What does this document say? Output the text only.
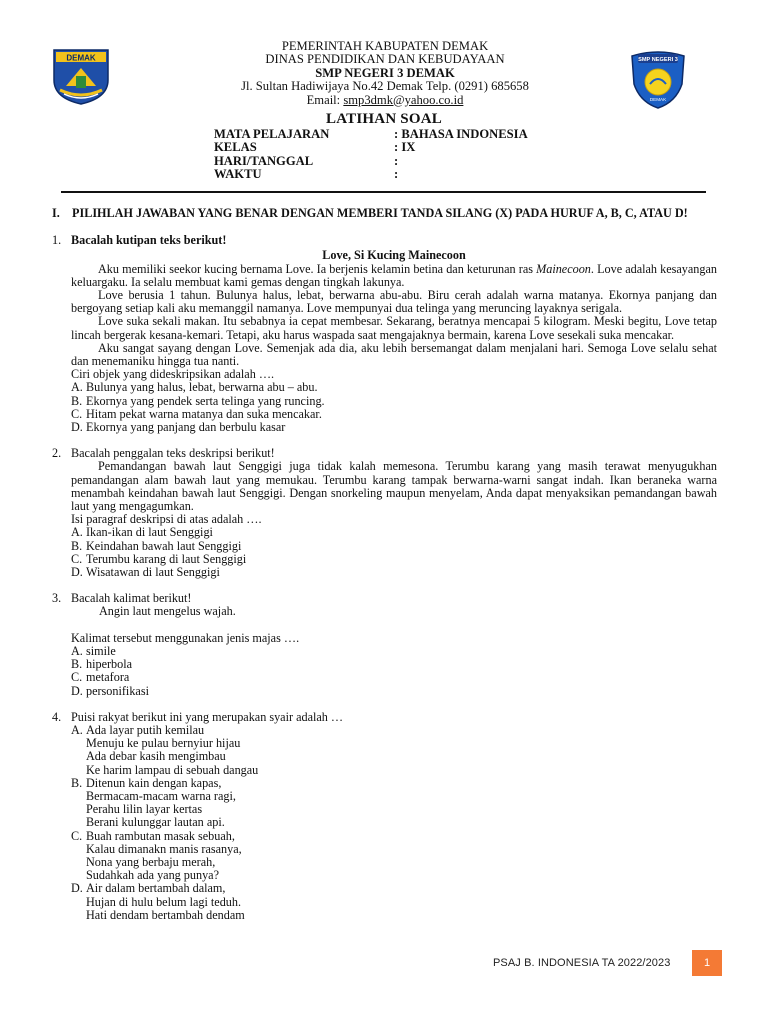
DEMAK
PEMERINTAH KABUPATEN DEMAK
DINAS PENDIDIKAN DAN KEBUDAYAAN
SMP NEGERI 3 DEMAK
Jl. Sultan Hadiwijaya No.42 Demak Telp. (0291) 685658
Email: smp3dmk@yahoo.co.id
SMP NEGERI 3
DEMAK
LATIHAN SOAL
MATA PELAJARAN	: BAHASA INDONESIA
KELAS	: IX
HARI/TANGGAL	:
WAKTU	:
I.	PILIHLAH JAWABAN YANG BENAR DENGAN MEMBERI TANDA SILANG (X) PADA HURUF A, B, C, ATAU D!
1. Bacalah kutipan teks berikut!
Love, Si Kucing Mainecoon
Aku memiliki seekor kucing bernama Love. Ia berjenis kelamin betina dan keturunan ras Mainecoon. Love adalah kesayangan keluargaku. Ia selalu membuat kami gemas dengan tingkah lakunya.
Love berusia 1 tahun. Bulunya halus, lebat, berwarna abu-abu. Biru cerah adalah warna matanya. Ekornya panjang dan bergoyang setiap kali aku memanggil namanya. Love mempunyai dua telinga yang meruncing layaknya serigala.
Love suka sekali makan. Itu sebabnya ia cepat membesar. Sekarang, beratnya mencapai 5 kilogram. Meski begitu, Love tetap lincah bergerak kesana-kemari. Tetapi, aku harus waspada saat mengajaknya bermain, karena Love sesekali suka mencakar.
Aku sangat sayang dengan Love. Semenjak ada dia, aku lebih bersemangat dalam menjalani hari. Semoga Love selalu sehat dan menemaniku hingga tua nanti.
Ciri objek yang dideskripsikan adalah ….
A. Bulunya yang halus, lebat, berwarna abu – abu.
B. Ekornya yang pendek serta telinga yang runcing.
C. Hitam pekat warna matanya dan suka mencakar.
D. Ekornya yang panjang dan berbulu kasar
2. Bacalah penggalan teks deskripsi berikut!
Pemandangan bawah laut Senggigi juga tidak kalah memesona. Terumbu karang yang masih terawat menyugukhan pemandangan alam bawah laut yang memukau. Terumbu karang tampak berwarna-warni sangat indah. Ikan beraneka warna menambah keindahan bawah laut Senggigi. Dengan snorkeling maupun menyelam, Anda dapat menyaksikan pemandangan bawah laut yang mengagumkan.
Isi paragraf deskripsi di atas adalah ….
A. Ikan-ikan di laut Senggigi
B. Keindahan bawah laut Senggigi
C. Terumbu karang di laut Senggigi
D. Wisatawan di laut Senggigi
3. Bacalah kalimat berikut!
Angin laut mengelus wajah.
Kalimat tersebut menggunakan jenis majas ….
A. simile
B. hiperbola
C. metafora
D. personifikasi
4. Puisi rakyat berikut ini yang merupakan syair adalah …
A. Ada layar putih kemilau
Menuju ke pulau bernyiur hijau
Ada debar kasih mengimbau
Ke harim lampau di sebuah dangau
B. Ditenun kain dengan kapas,
Bermacam-macam warna ragi,
Perahu lilin layar kertas
Berani kulunggar lautan api.
C. Buah rambutan masak sebuah,
Kalau dimanakn manis rasanya,
Nona yang berbaju merah,
Sudahkah ada yang punya?
D. Air dalam bertambah dalam,
Hujan di hulu belum lagi teduh.
Hati dendam bertambah dendam
PSAJ B. INDONESIA TA 2022/2023	1
